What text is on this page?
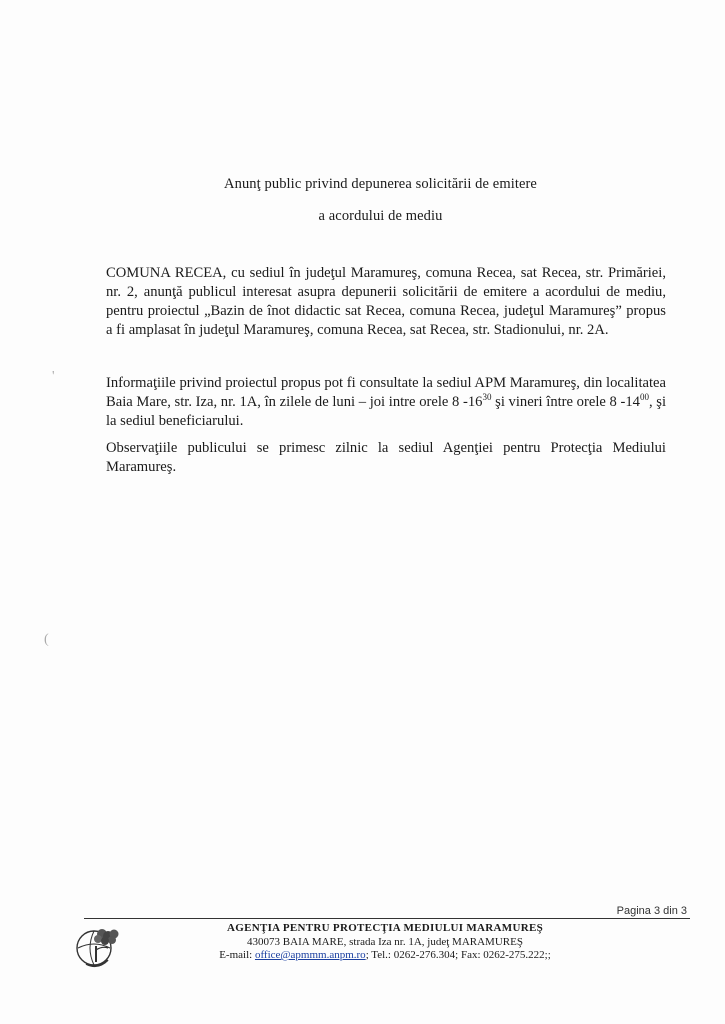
Anunţ public privind depunerea solicitării de emitere
a acordului de mediu
COMUNA RECEA, cu sediul în judeţul Maramureş, comuna Recea, sat Recea, str. Primăriei, nr. 2, anunţă publicul interesat asupra depunerii solicitării de emitere a acordului de mediu, pentru proiectul „Bazin de înot didactic sat Recea, comuna Recea, judeţul Maramureş” propus a fi amplasat în judeţul Maramureş, comuna Recea, sat Recea, str. Stadionului, nr. 2A.
Informaţiile privind proiectul propus pot fi consultate la sediul APM Maramureş, din localitatea Baia Mare, str. Iza, nr. 1A, în zilele de luni – joi intre orele 8 $-16^{30}$ şi vineri între orele 8 $-14^{00}$, şi la sediul beneficiarului.
Observaţiile publicului se primesc zilnic la sediul Agenţiei pentru Protecţia Mediului Maramureş.
'
(
Pagina 3 din 3
AGENŢIA PENTRU PROTECŢIA MEDIULUI MARAMUREŞ
430073 BAIA MARE, strada Iza nr. 1A, judeţ MARAMUREŞ
E-mail: office@apmmm.anpm.ro; Tel.: 0262-276.304; Fax: 0262-275.222;;
